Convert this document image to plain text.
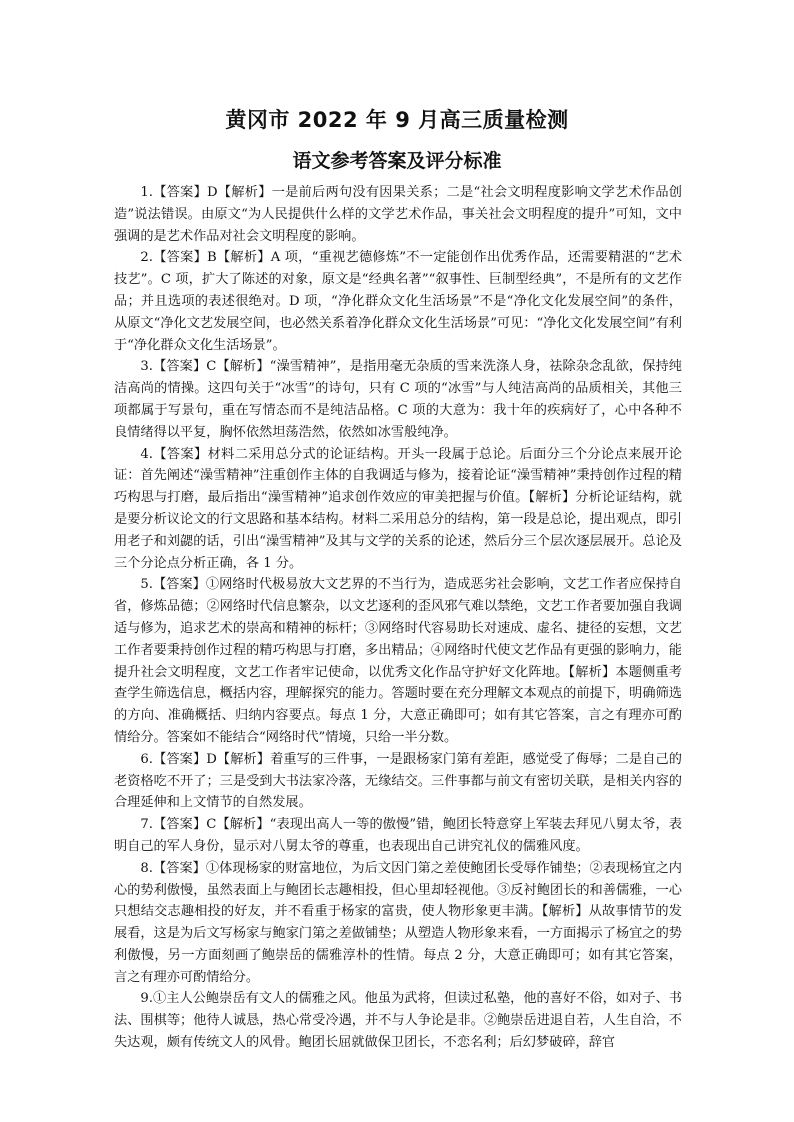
黄冈市 2022 年 9 月高三质量检测
语文参考答案及评分标准

1.【答案】D【解析】一是前后两句没有因果关系；二是“社会文明程度影响文学艺术作品创造”说法错误。由原文“为人民提供什么样的文学艺术作品，事关社会文明程度的提升”可知，文中强调的是艺术作品对社会文明程度的影响。

2.【答案】B【解析】A 项，“重视艺德修炼”不一定能创作出优秀作品，还需要精湛的“艺术技艺”。C 项，扩大了陈述的对象，原文是“经典名著”“叙事性、巨制型经典”，不是所有的文艺作品；并且选项的表述很绝对。D 项，“净化群众文化生活场景”不是“净化文化发展空间”的条件，从原文“净化文艺发展空间，也必然关系着净化群众文化生活场景”可见：“净化文化发展空间”有利于“净化群众文化生活场景”。

3.【答案】C【解析】“澡雪精神”，是指用毫无杂质的雪来洗涤人身，祛除杂念乱欲，保持纯洁高尚的情操。这四句关于“冰雪”的诗句，只有 C 项的“冰雪”与人纯洁高尚的品质相关，其他三项都属于写景句，重在写情态而不是纯洁品格。C 项的大意为：我十年的疾病好了，心中各种不良情绪得以平复，胸怀依然坦荡浩然，依然如冰雪般纯净。

4.【答案】材料二采用总分式的论证结构。开头一段属于总论。后面分三个分论点来展开论证：首先阐述“澡雪精神”注重创作主体的自我调适与修为，接着论证“澡雪精神”秉持创作过程的精巧构思与打磨，最后指出“澡雪精神”追求创作效应的审美把握与价值。【解析】分析论证结构，就是要分析议论文的行文思路和基本结构。材料二采用总分的结构，第一段是总论，提出观点，即引用老子和刘勰的话，引出“澡雪精神”及其与文学的关系的论述，然后分三个层次逐层展开。总论及三个分论点分析正确，各 1 分。

5.【答案】①网络时代极易放大文艺界的不当行为，造成恶劣社会影响，文艺工作者应保持自省，修炼品德；②网络时代信息繁杂，以文艺逐利的歪风邪气难以禁绝，文艺工作者要加强自我调适与修为，追求艺术的崇高和精神的标杆；③网络时代容易助长对速成、虚名、捷径的妄想，文艺工作者要秉持创作过程的精巧构思与打磨，多出精品；④网络时代使文艺作品有更强的影响力，能提升社会文明程度，文艺工作者牢记使命，以优秀文化作品守护好文化阵地。【解析】本题侧重考查学生筛选信息，概括内容，理解探究的能力。答题时要在充分理解文本观点的前提下，明确筛选的方向、准确概括、归纳内容要点。每点 1 分，大意正确即可；如有其它答案，言之有理亦可酌情给分。答案如不能结合“网络时代”情境，只给一半分数。

6.【答案】D【解析】着重写的三件事，一是跟杨家门第有差距，感觉受了侮辱；二是自己的老资格吃不开了；三是受到大书法家冷落，无缘结交。三件事都与前文有密切关联，是相关内容的合理延伸和上文情节的自然发展。

7.【答案】C【解析】“表现出高人一等的傲慢”错，鲍团长特意穿上军装去拜见八舅太爷，表明自己的军人身份，显示对八舅太爷的尊重，也表现出自己讲究礼仪的儒雅风度。

8.【答案】①体现杨家的财富地位，为后文因门第之差使鲍团长受辱作铺垫；②表现杨宜之内心的势利傲慢，虽然表面上与鲍团长志趣相投，但心里却轻视他。③反衬鲍团长的和善儒雅，一心只想结交志趣相投的好友，并不看重于杨家的富贵，使人物形象更丰满。【解析】从故事情节的发展看，这是为后文写杨家与鲍家门第之差做铺垫；从塑造人物形象来看，一方面揭示了杨宜之的势利傲慢，另一方面刻画了鲍崇岳的儒雅淳朴的性情。每点 2 分，大意正确即可；如有其它答案，言之有理亦可酌情给分。

9.①主人公鲍崇岳有文人的儒雅之风。他虽为武将，但读过私塾，他的喜好不俗，如对子、书法、围棋等；他待人诚恳，热心常受冷遇，并不与人争论是非。②鲍崇岳进退自若，人生自洽，不失达观，颇有传统文人的风骨。鲍团长屈就做保卫团长，不恋名利；后幻梦破碎，辞官
